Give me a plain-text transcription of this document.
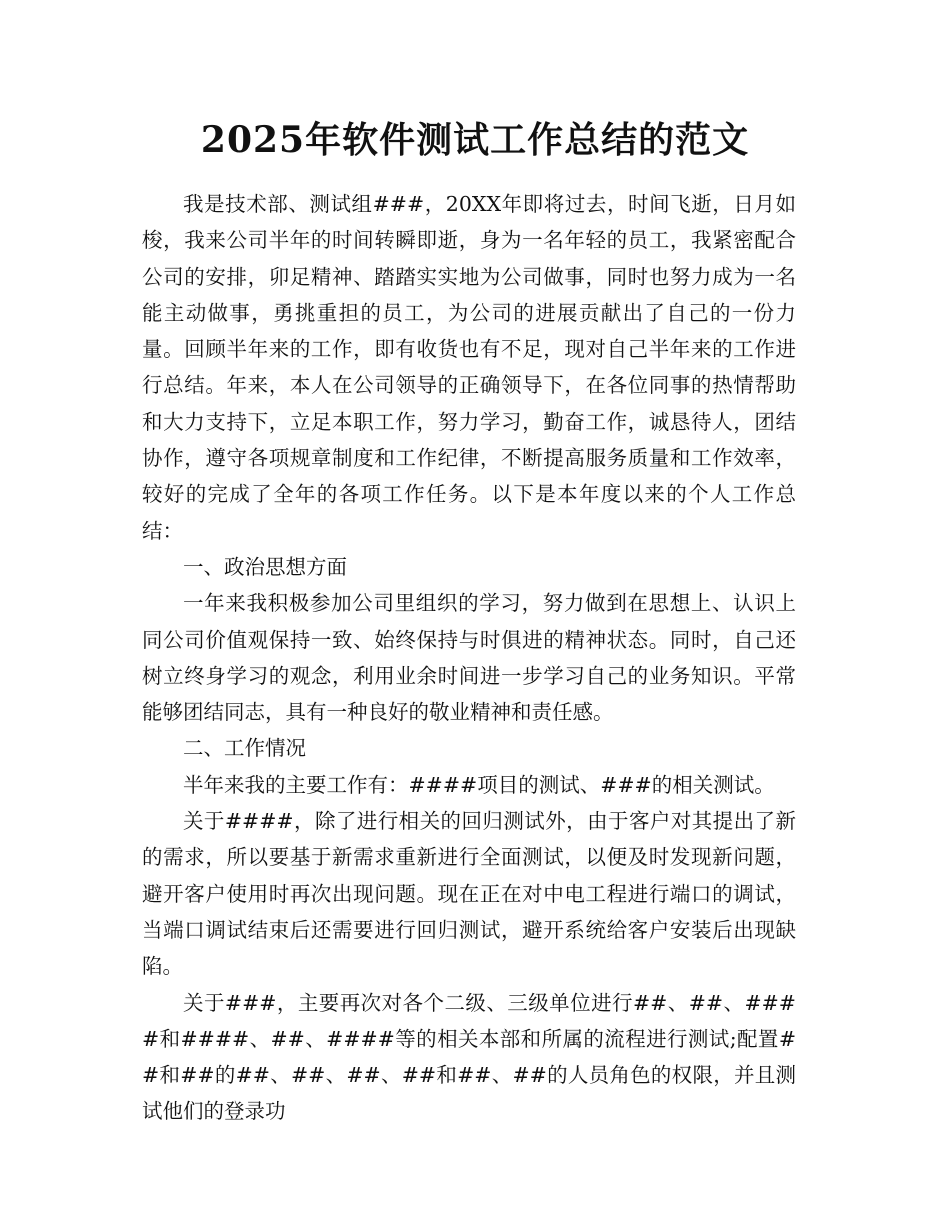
2025年软件测试工作总结的范文

我是技术部、测试组###，20XX年即将过去，时间飞逝，日月如梭，我来公司半年的时间转瞬即逝，身为一名年轻的员工，我紧密配合公司的安排，卯足精神、踏踏实实地为公司做事，同时也努力成为一名能主动做事，勇挑重担的员工，为公司的进展贡献出了自己的一份力量。回顾半年来的工作，即有收货也有不足，现对自己半年来的工作进行总结。年来，本人在公司领导的正确领导下，在各位同事的热情帮助和大力支持下，立足本职工作，努力学习，勤奋工作，诚恳待人，团结协作，遵守各项规章制度和工作纪律，不断提高服务质量和工作效率，较好的完成了全年的各项工作任务。以下是本年度以来的个人工作总结：

一、政治思想方面

一年来我积极参加公司里组织的学习，努力做到在思想上、认识上同公司价值观保持一致、始终保持与时俱进的精神状态。同时，自己还树立终身学习的观念，利用业余时间进一步学习自己的业务知识。平常能够团结同志，具有一种良好的敬业精神和责任感。

二、工作情况

半年来我的主要工作有：####项目的测试、###的相关测试。

关于####，除了进行相关的回归测试外，由于客户对其提出了新的需求，所以要基于新需求重新进行全面测试，以便及时发现新问题，避开客户使用时再次出现问题。现在正在对中电工程进行端口的调试，当端口调试结束后还需要进行回归测试，避开系统给客户安装后出现缺陷。

关于###，主要再次对各个二级、三级单位进行##、##、####和####、##、####等的相关本部和所属的流程进行测试;配置##和##的##、##、##、##和##、##的人员角色的权限，并且测试他们的登录功
